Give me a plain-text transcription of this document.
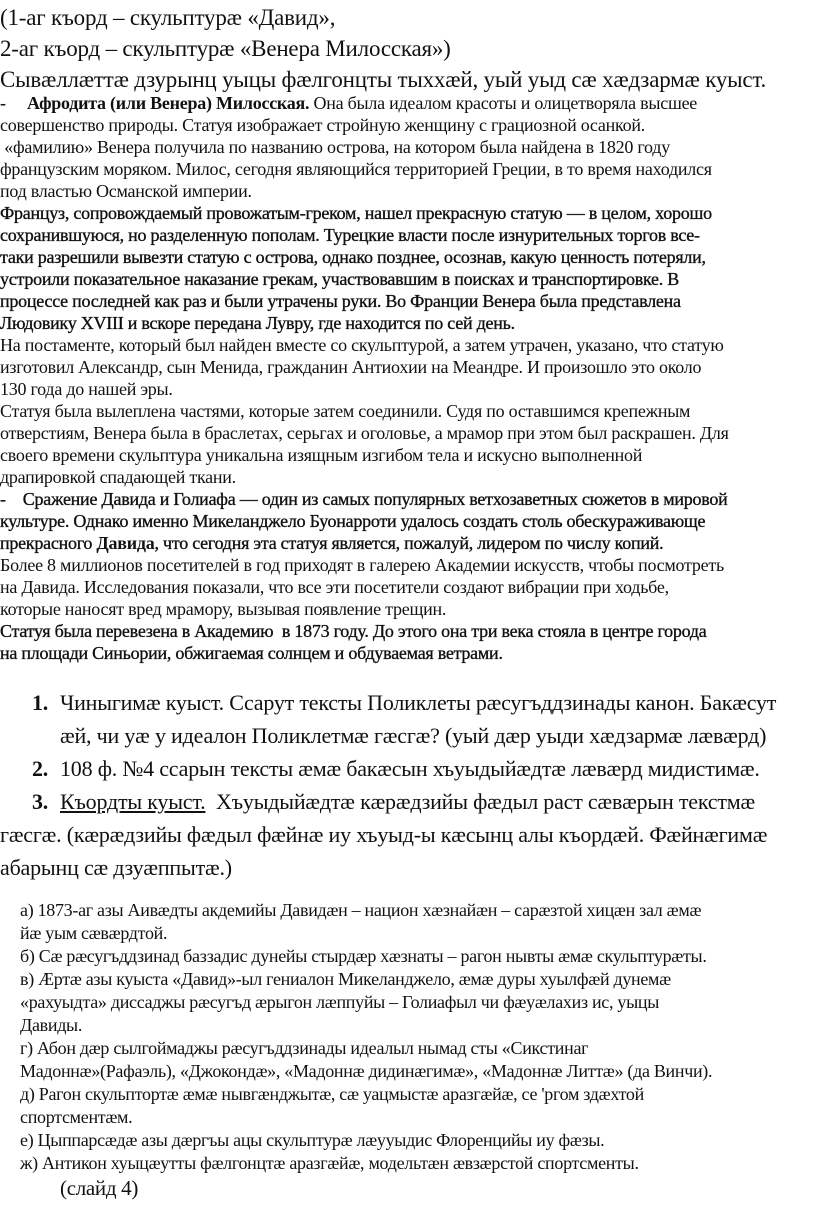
(1-аг къорд – скульптурæ «Давид»,
2-аг къорд – скульптурæ «Венера Милосская»)
Сывæллæттæ дзурынц уыцы фæлгонцты тыххæй, уый уыд сæ хæдзармæ куыст.
-     Афродита (или Венера) Милосская. Она была идеалом красоты и олицетворяла высшее
совершенство природы. Статуя изображает стройную женщину с грациозной осанкой.
«фамилию» Венера получила по названию острова, на котором была найдена в 1820 году
французским моряком. Милос, сегодня являющийся территорией Греции, в то время находился
под властью Османской империи.
Француз, сопровождаемый провожатым-греком, нашел прекрасную статую — в целом, хорошо
сохранившуюся, но разделенную пополам. Турецкие власти после изнурительных торгов все-
таки разрешили вывезти статую с острова, однако позднее, осознав, какую ценность потеряли,
устроили показательное наказание грекам, участвовавшим в поисках и транспортировке. В
процессе последней как раз и были утрачены руки. Во Франции Венера была представлена
Людовику XVIII и вскоре передана Лувру, где находится по сей день.
На постаменте, который был найден вместе со скульптурой, а затем утрачен, указано, что статую
изготовил Александр, сын Менида, гражданин Антиохии на Меандре. И произошло это около
130 года до нашей эры.
Статуя была вылеплена частями, которые затем соединили. Судя по оставшимся крепежным
отверстиям, Венера была в браслетах, серьгах и оголовье, а мрамор при этом был раскрашен. Для
своего времени скульптура уникальна изящным изгибом тела и искусно выполненной
драпировкой спадающей ткани.
-    Сражение Давида и Голиафа — один из самых популярных ветхозаветных сюжетов в мировой
культуре. Однако именно Микеланджело Буонарроти удалось создать столь обескураживающе
прекрасного Давида, что сегодня эта статуя является, пожалуй, лидером по числу копий.
Более 8 миллионов посетителей в год приходят в галерею Академии искусств, чтобы посмотреть
на Давида. Исследования показали, что все эти посетители создают вибрации при ходьбе,
которые наносят вред мрамору, вызывая появление трещин.
Статуя была перевезена в Академию  в 1873 году. До этого она три века стояла в центре города
на площади Синьории, обжигаемая солнцем и обдуваемая ветрами.
1. Чиныгимæ куыст. Ссарут тексты Поликлеты рæсугъддзинады канон. Бакæсут
æй, чи уæ у идеалон Поликлетмæ гæсгæ? (уый дæр уыди хæдзармæ лæвæрд)
2. 108 ф. №4 ссарын тексты æмæ бакæсын хъуыдыйæдтæ лæвæрд мидистимæ.
3. Къордты куыст.  Хъуыдыйæдтæ кæрæдзийы фæдыл раст сæвæрын текстмæ
гæсгæ. (кæрæдзийы фæдыл фæйнæ иу хъуыд-ы кæсынц алы къордæй. Фæйнæгимæ
абарынц сæ дзуæппытæ.)
а) 1873-аг азы Аивæдты акдемийы Давидæн – национ хæзнайæн – сарæзтой хицæн зал æмæ
йæ уым сæвæрдтой.
б) Сæ рæсугъддзинад баззадис дунейы стырдæр хæзнаты – рагон нывты æмæ скульптурæты.
в) Æртæ азы куыста «Давид»-ыл гениалон Микеланджело, æмæ дуры хуылфæй дунемæ
«рахуыдта» диссаджы рæсугъд æрыгон лæппуйы – Голиафыл чи фæуæлахиз ис, уыцы
Давиды.
г) Абон дæр сылгоймаджы рæсугъддзинады идеалыл нымад сты «Сикстинаг
Мадоннæ»(Рафаэль), «Джокондæ», «Мадоннæ дидинæгимæ», «Мадоннæ Литтæ» (да Винчи).
д) Рагон скульптортæ æмæ нывгæнджытæ, сæ уацмыстæ аразгæйæ, се 'ргом здæхтой
спортсментæм.
е) Цыппарсæдæ азы дæргъы ацы скульптурæ лæууыдис Флоренцийы иу фæзы.
ж) Антикон хуыцæутты фæлгонцтæ аразгæйæ, модельтæн æвзæрстой спортсменты.
(слайд 4)
